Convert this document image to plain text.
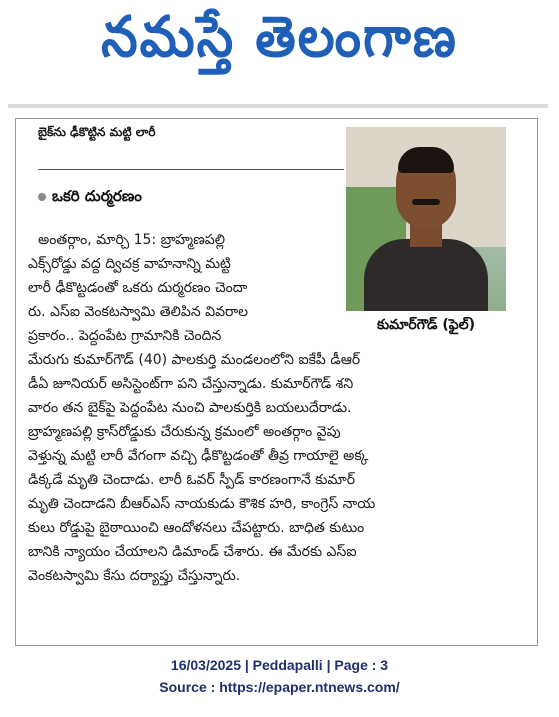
నమస్తే తెలంగాణ
బైక్‌ను ఢీకొట్టిన మట్టి లారీ
ఒకరి దుర్మరణం
కుమార్‌గౌడ్ (ఫైల్)
అంతర్గాం, మార్చి 15: బ్రాహ్మణపల్లి
ఎక్స్‌రోడ్డు వద్ద ద్విచక్ర వాహనాన్ని మట్టి
లారీ ఢీకొట్టడంతో ఒకరు దుర్మరణం చెందా
రు. ఎస్‌ఐ వెంకటస్వామి తెలిపిన వివరాల
ప్రకారం.. పెద్దంపేట గ్రామానికి చెందిన
మేరుగు కుమార్‌గౌడ్ (40) పాలకుర్తి మండలంలోని ఐకేపీ డీఆర్
డీఏ జూనియర్ అసిస్టెంట్‌గా పని చేస్తున్నాడు. కుమార్‌గౌడ్ శని
వారం తన బైక్‌పై పెద్దంపేట నుంచి పాలకుర్తికి బయలుదేరాడు.
బ్రాహ్మణపల్లి క్రాస్‌రోడ్డుకు చేరుకున్న క్రమంలో అంతర్గాం వైపు
వెళ్తున్న మట్టి లారీ వేగంగా వచ్చి ఢీకొట్టడంతో తీవ్ర గాయాలై అక్క
డిక్కడే మృతి చెందాడు. లారీ ఓవర్ స్పీడ్ కారణంగానే కుమార్
మృతి చెందాడని బీఆర్‌ఎస్ నాయకుడు కౌశిక హరి, కాంగ్రెస్ నాయ
కులు రోడ్డుపై బైఠాయించి ఆందోళనలు చేపట్టారు. బాధిత కుటుం
బానికి న్యాయం చేయాలని డిమాండ్ చేశారు. ఈ మేరకు ఎస్‌ఐ
వెంకటస్వామి కేసు దర్యాప్తు చేస్తున్నారు.
16/03/2025 | Peddapalli | Page : 3
Source : https://epaper.ntnews.com/
